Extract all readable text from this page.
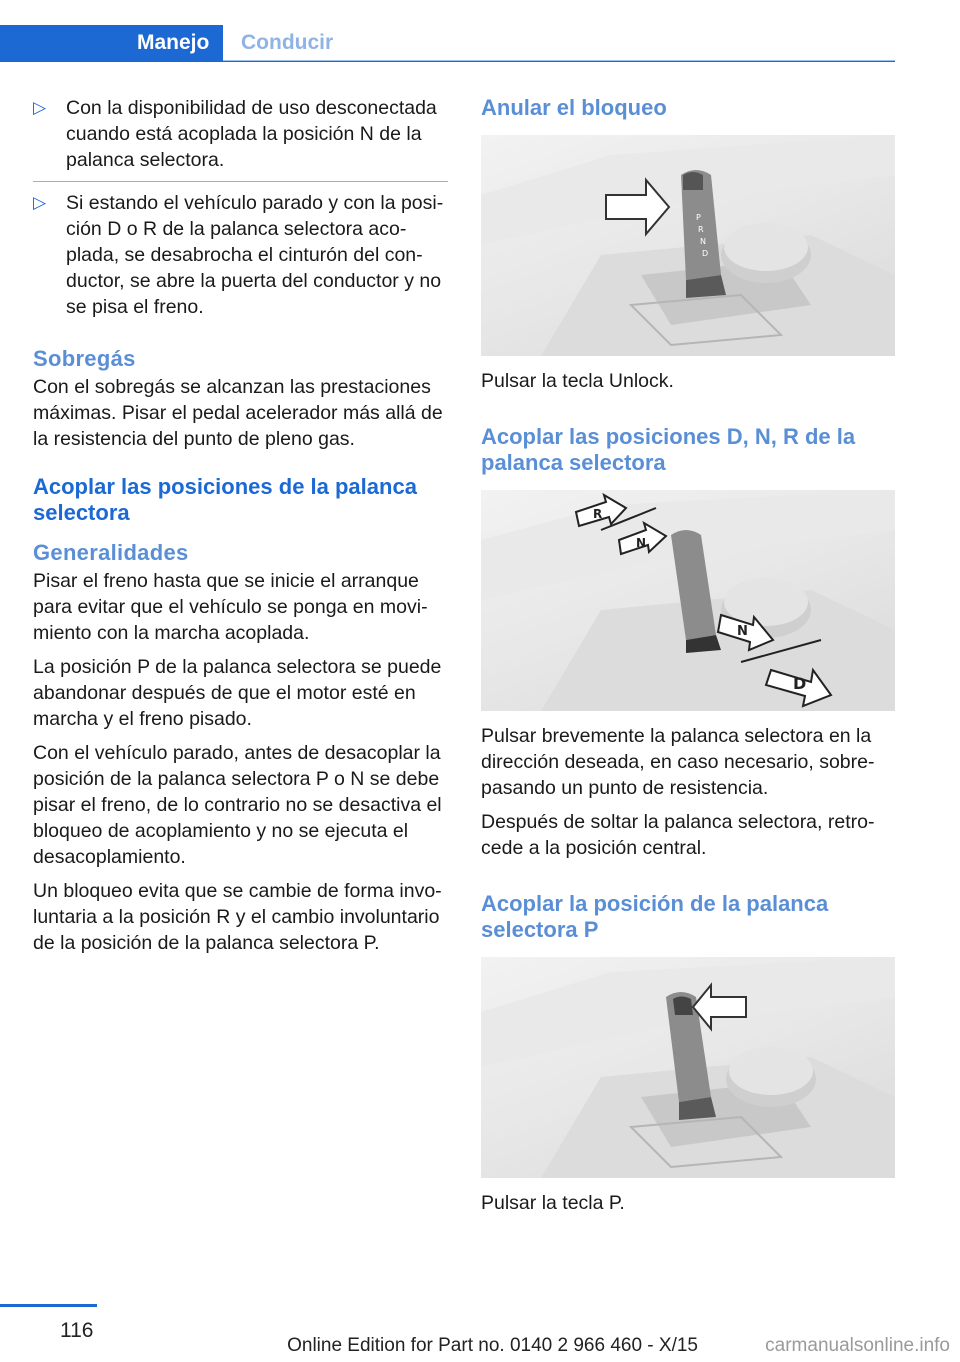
Manejo	Conducir
▷ Con la disponibilidad de uso desconectada cuando está acoplada la posición N de la palanca selectora.
▷ Si estando el vehículo parado y con la posi‐ción D o R de la palanca selectora aco‐plada, se desabrocha el cinturón del con‐ductor, se abre la puerta del conductor y no se pisa el freno.
Sobregás

Con el sobregás se alcanzan las prestaciones máximas. Pisar el pedal acelerador más allá de la resistencia del punto de pleno gas.

Acoplar las posiciones de la palanca selectora
Generalidades

Pisar el freno hasta que se inicie el arranque para evitar que el vehículo se ponga en movi‐miento con la marcha acoplada.

La posición P de la palanca selectora se puede abandonar después de que el motor esté en marcha y el freno pisado.

Con el vehículo parado, antes de desacoplar la posición de la palanca selectora P o N se debe pisar el freno, de lo contrario no se desactiva el bloqueo de acoplamiento y no se ejecuta el desacoplamiento.

Un bloqueo evita que se cambie de forma invo‐luntaria a la posición R y el cambio involuntario de la posición de la palanca selectora P.

Anular el bloqueo
P
R
N
D

Pulsar la tecla Unlock.

Acoplar las posiciones D, N, R de la palanca selectora
R
N
N
D

Pulsar brevemente la palanca selectora en la dirección deseada, en caso necesario, sobre‐pasando un punto de resistencia.

Después de soltar la palanca selectora, retro‐cede a la posición central.

Acoplar la posición de la palanca selectora P

Pulsar la tecla P.

116
Online Edition for Part no. 0140 2 966 460 - X/15	carmanualsonline.info
